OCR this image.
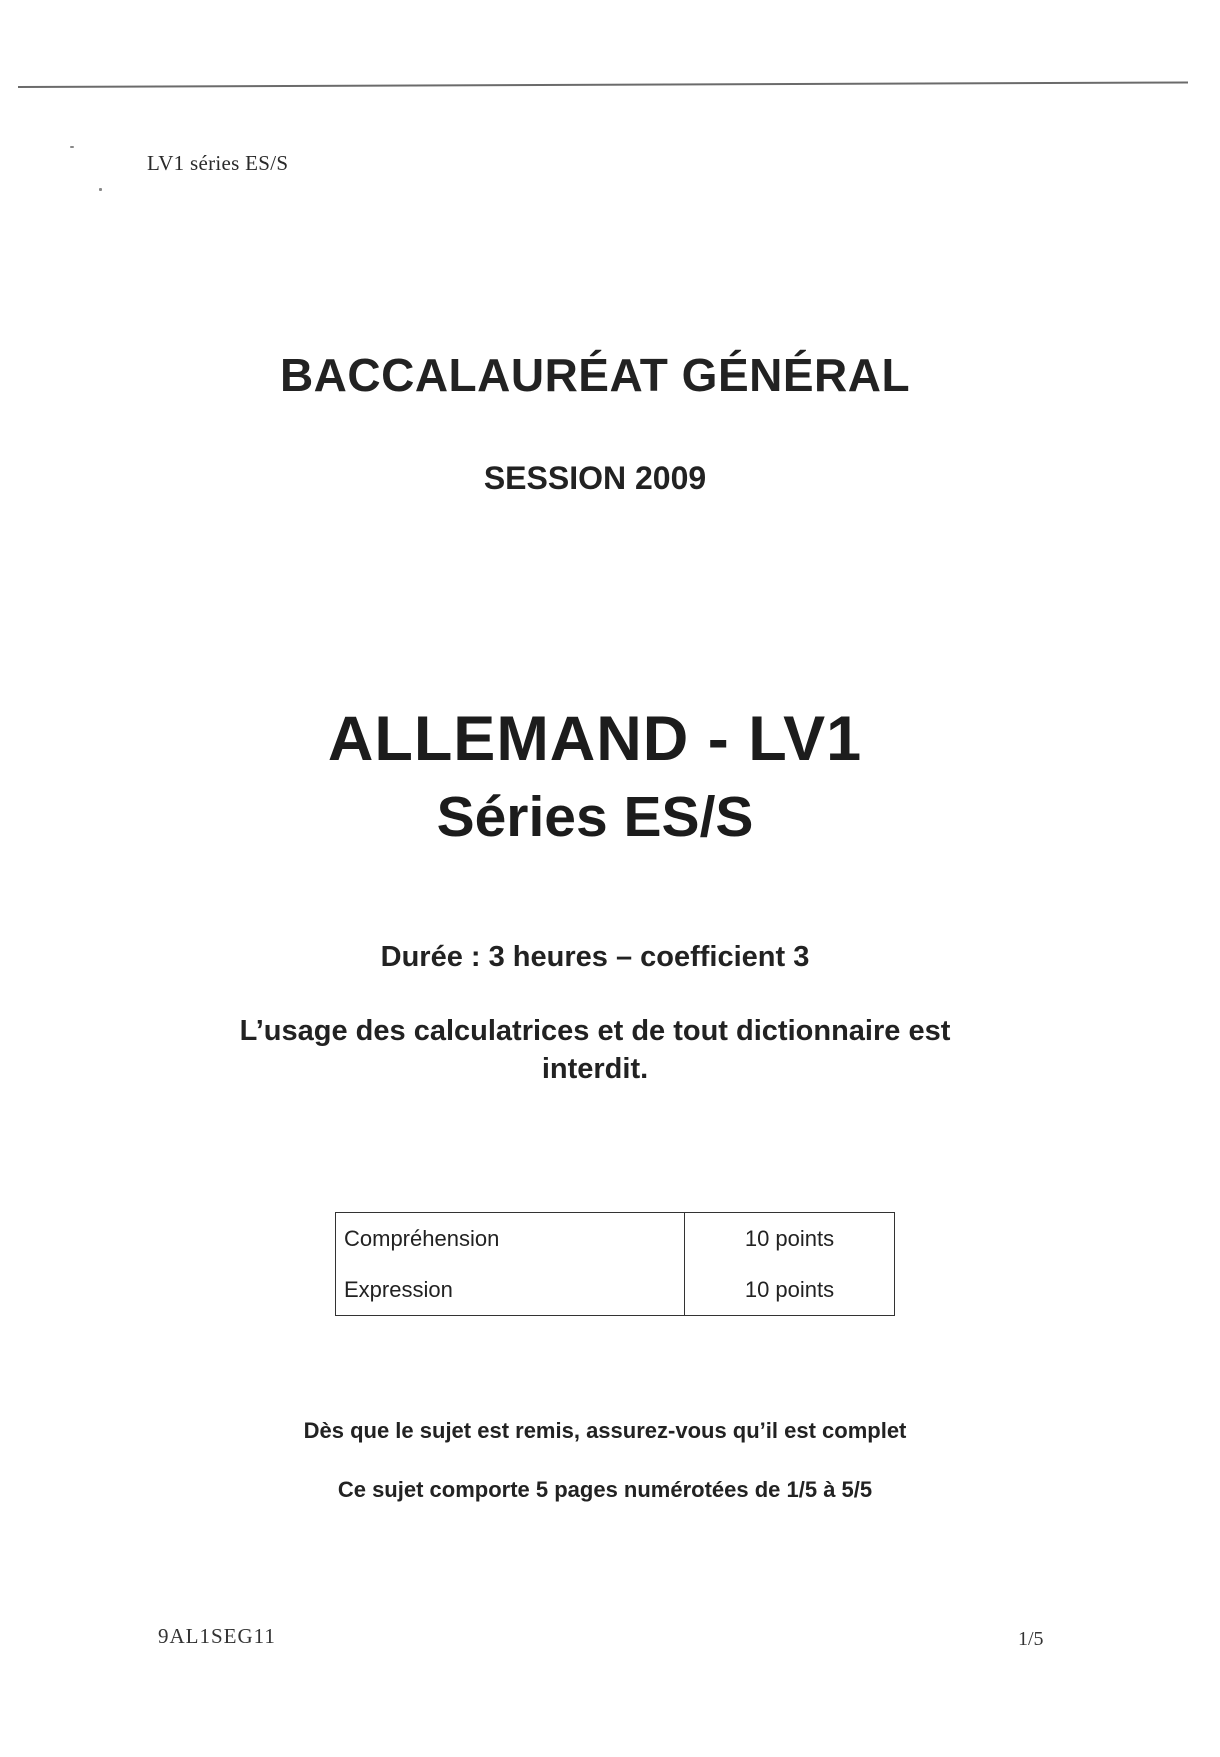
LV1 séries ES/S
BACCALAURÉAT GÉNÉRAL
SESSION 2009
ALLEMAND - LV1
Séries ES/S
Durée : 3 heures – coefficient 3
L’usage des calculatrices et de tout dictionnaire est interdit.
Compréhension	10 points
Expression	10 points
Dès que le sujet est remis, assurez-vous qu’il est complet
Ce sujet comporte 5 pages numérotées de 1/5 à 5/5
9AL1SEG11	1/5
